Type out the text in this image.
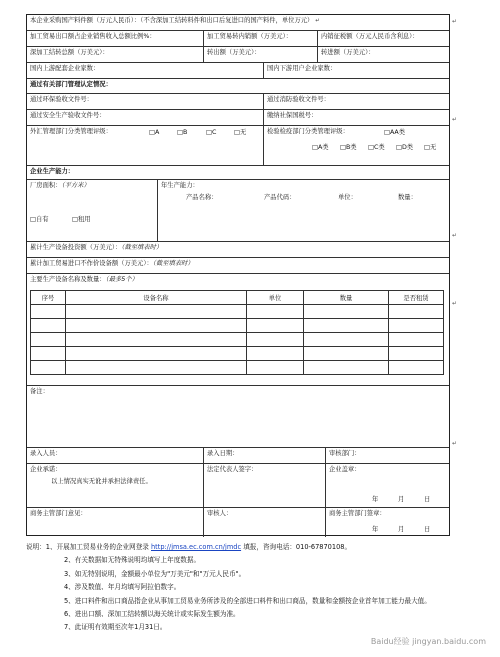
本企业采购国产料件额（万元人民币）：（不含深加工结转料件和出口后复进口的国产料件，单位万元） ↵
加工贸易出口额占企业销售收入总额比例%：	加工贸易转内销额（万美元）：	内销征税额（万元人民币含利息）：
深加工结转总额（万美元）：	转出额（万美元）：	转进额（万美元）：
国内上游配套企业家数：	国内下游用户企业家数：
通过有关部门管理认定情况：
通过环保验收文件号：	通过消防验收文件号：
通过安全生产验收文件号：	缴纳社保国税号：
外汇管理部门分类管理评级：	□A	□B	□C	□无	检验检疫部门分类管理评级：	□AA类
□A类 □B类 □C类 □D类 □无
企业生产能力：
厂房面积：（平方米）
□自有	□租用
年生产能力：
产品名称：	产品代码：	单位：	数量：
累计生产设备投资额（万美元）：（截至填表时）
累计加工贸易进口不作价设备额（万美元）：（截至填表时）
主要生产设备名称及数量：（最多5个）
序号	设备名称	单位	数量	是否租赁

备注：
录入人员：	录入日期：	审核部门：
企业承诺：
以上情况真实无讹并承担法律责任。
法定代表人签字：	企业盖章：
年	月	日
商务主管部门意见：	审核人：	商务主管部门签章：
年	月	日
↵
↵
↵
↵
↵
说明：1、开展加工贸易业务的企业网登录 http://jmsa.ec.com.cn/jmdc 填报，咨询电话：010-67870108。
2、有关数据如无特殊说明均填写上年度数据。
3、如无特别说明，金额最小单位为"万美元"和"万元人民币"。
4、涉及数值、年月均填写阿拉伯数字。
5、进口料件和出口商品指企业从事加工贸易业务所涉及的全部进口料件和出口商品，数量和金额按企业首年加工能力最大值。
6、进出口额、深加工结转额以海关统计或实际发生额为准。
7、此证明有效期至次年1月31日。
Baidu经验 jingyan.baidu.com
